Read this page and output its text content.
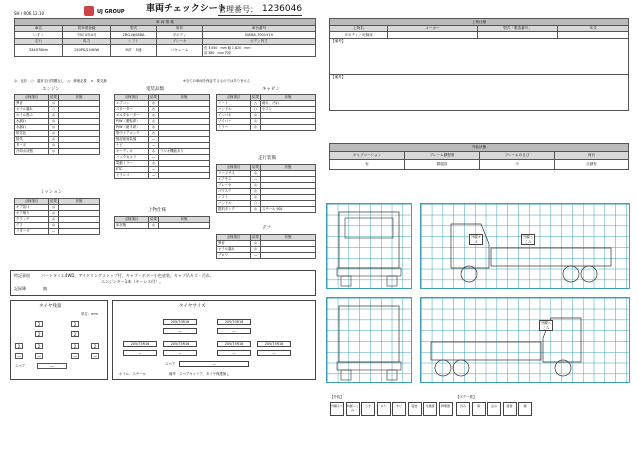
SH / R06.12.10	UJ GROUP 車両チェックシート
管理番号： 1236046
車 両 情 報				
車名	初年度登録	型式	形状	車台番号
いすゞ	令和 4年4月	2RG-NJS88A	平ボディ	NJS88-7001519
走行	馬力	シフト	ブレーキ	ボディ内寸
334976km	150PS/110KW	M/T　5速	バキューム	長 3,050　mm 幅 1,820　mm
高 380　mm 内高
◎：良好　○：通常走行問題なし　△：修理必要　×：要交換	※全ての車両を保証するものではありません
エンジン
点検項目	結果	状態
異音	◎	
オイル漏れ	○	
オイル滲み	◎	
水漏れ	◎	
水漏れ	◎	
排気色	◎	
排気	◎	
ターボ	◎	
冷却水状態	◎	
ミッション
点検項目	結果	状態
ギア抜け	◎	
ギア鳴り	◎	
クラッチ	◎	
デフ	◎	
リターダ	—	
電装品類
点検項目	結果	状態
エアコン	◎	
スターター	◎	
オルタネーター	◎	
P/W（運転席）	◎	
P/W（助手席）	◎	
集中ドアロック	◎	
後部座席装備	—	
ナビ	—	
オーディオ	◎	ラジオ機能あり
バックカメラ	—	
電動ミラー	◎	
ETC	—	
ドラレコ	—	
上物仕様
点検項目	結果	状態
床状態	◎	
キャビン
点検項目	結果	状態
シート	△	破れ、汚れ
ハンドル	○	小スレ
インパネ	◎	
ワイパー	◎	
ミラー	◎	
走行装備
点検項目	結果	状態
リーフサス	◎	
エアサス	—	
ブレーキ	◎	
パワステ	◎	
シフト	◎	
ハンドル	○	
燃料タンク	◎	スチール 90L
デフ
点検項目	結果	状態
異音	◎	
オイル漏れ	◎	
ブロワ	—	
特記事項	パートタイム4WD、アイドリングストップ付、キャブ・ボデー小色塗装、キャブ吊キズ・汚れ、
エンジンキー1本（キーレス付）。
記録簿	無
タイヤ残量
単位：mm
2	2
2	2
2	2	2	2
—	—	—	—
スペア	—
タイヤサイズ
205/70R16	205/70R16
—	—
205/75R16	205/75R16	205/75R16	205/75R16
—	—	—	—
スペア	—
ホイル：スチール	備考　スペアキャリア、タイヤ保護無し
上物仕様			
上物名	メーカー	型式「製造番号」	年式
平ボディ／可倒床			
【備考】			
【備考】			
外装状態			
キャブコーション	フレーム錆程度	フレームのさび	荷台
有	錆腐食	小	点錆有
外観キズ
外観へこみ
外観へこみ
【外装】	【ボデー系】
外観キズ 外観へこみうき	ぬり	サビ	腐食	交換歴 修理歴	凹み	傷	歪み	腐食	錆
